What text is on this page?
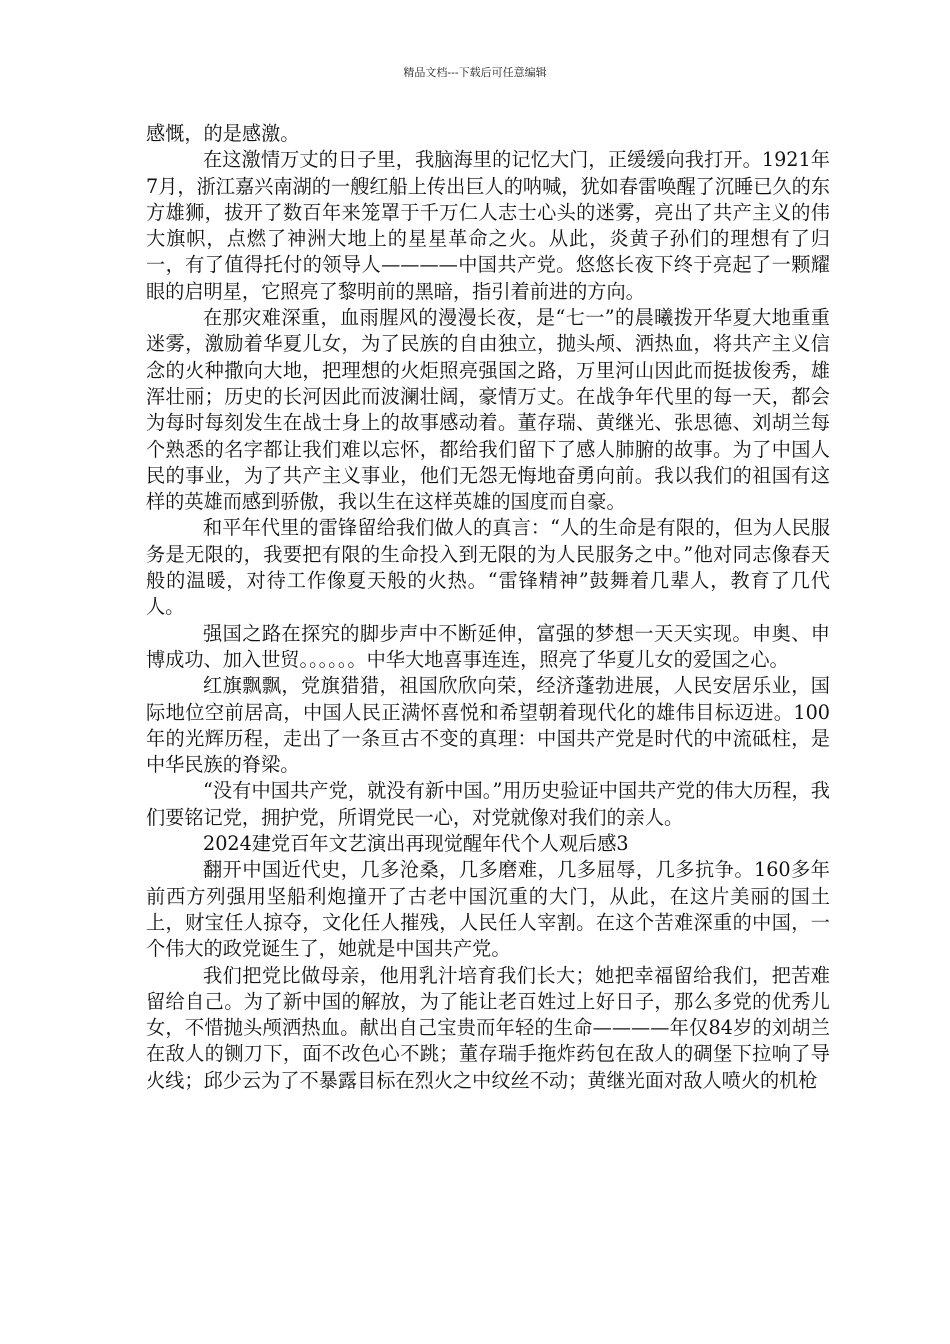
精品文档---下载后可任意编辑

感慨，的是感激。

在这激情万丈的日子里，我脑海里的记忆大门，正缓缓向我打开。1921年7月，浙江嘉兴南湖的一艘红船上传出巨人的呐喊，犹如春雷唤醒了沉睡已久的东方雄狮，拔开了数百年来笼罩于千万仁人志士心头的迷雾，亮出了共产主义的伟大旗帜，点燃了神洲大地上的星星革命之火。从此，炎黄子孙们的理想有了归一，有了值得托付的领导人————中国共产党。悠悠长夜下终于亮起了一颗耀眼的启明星，它照亮了黎明前的黑暗，指引着前进的方向。

在那灾难深重，血雨腥风的漫漫长夜，是“七一”的晨曦拨开华夏大地重重迷雾，激励着华夏儿女，为了民族的自由独立，抛头颅、洒热血，将共产主义信念的火种撒向大地，把理想的火炬照亮强国之路，万里河山因此而挺拔俊秀，雄浑壮丽；历史的长河因此而波澜壮阔，豪情万丈。在战争年代里的每一天，都会为每时每刻发生在战士身上的故事感动着。董存瑞、黄继光、张思德、刘胡兰每个熟悉的名字都让我们难以忘怀，都给我们留下了感人肺腑的故事。为了中国人民的事业，为了共产主义事业，他们无怨无悔地奋勇向前。我以我们的祖国有这样的英雄而感到骄傲，我以生在这样英雄的国度而自豪。

和平年代里的雷锋留给我们做人的真言：“人的生命是有限的，但为人民服务是无限的，我要把有限的生命投入到无限的为人民服务之中。”他对同志像春天般的温暖，对待工作像夏天般的火热。“雷锋精神”鼓舞着几辈人，教育了几代人。

强国之路在探究的脚步声中不断延伸，富强的梦想一天天实现。申奥、申博成功、加入世贸。。。。。。中华大地喜事连连，照亮了华夏儿女的爱国之心。

红旗飘飘，党旗猎猎，祖国欣欣向荣，经济蓬勃进展，人民安居乐业，国际地位空前居高，中国人民正满怀喜悦和希望朝着现代化的雄伟目标迈进。100年的光辉历程，走出了一条亘古不变的真理：中国共产党是时代的中流砥柱，是中华民族的脊梁。

“没有中国共产党，就没有新中国。”用历史验证中国共产党的伟大历程，我们要铭记党，拥护党，所谓党民一心，对党就像对我们的亲人。

2024建党百年文艺演出再现觉醒年代个人观后感3

翻开中国近代史，几多沧桑，几多磨难，几多屈辱，几多抗争。160多年前西方列强用坚船利炮撞开了古老中国沉重的大门，从此，在这片美丽的国土上，财宝任人掠夺，文化任人摧残，人民任人宰割。在这个苦难深重的中国，一个伟大的政党诞生了，她就是中国共产党。

我们把党比做母亲，他用乳汁培育我们长大；她把幸福留给我们，把苦难留给自己。为了新中国的解放，为了能让老百姓过上好日子，那么多党的优秀儿女，不惜抛头颅洒热血。献出自己宝贵而年轻的生命————年仅84岁的刘胡兰在敌人的铡刀下，面不改色心不跳；董存瑞手拖炸药包在敌人的碉堡下拉响了导火线；邱少云为了不暴露目标在烈火之中纹丝不动；黄继光面对敌人喷火的机枪
